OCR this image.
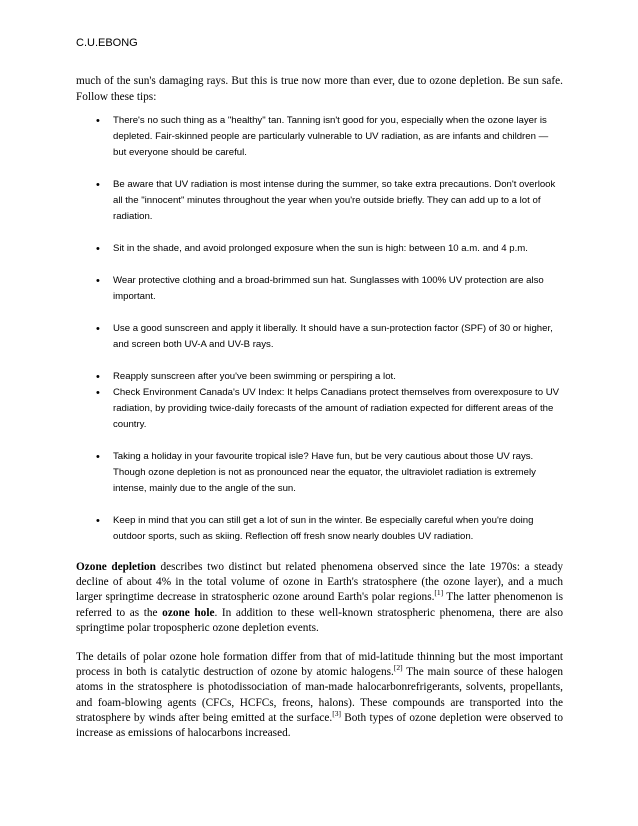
C.U.EBONG

much of the sun's damaging rays. But this is true now more than ever, due to ozone depletion. Be sun safe. Follow these tips:

• There's no such thing as a "healthy" tan. Tanning isn't good for you, especially when the ozone layer is depleted. Fair-skinned people are particularly vulnerable to UV radiation, as are infants and children — but everyone should be careful.
• Be aware that UV radiation is most intense during the summer, so take extra precautions. Don't overlook all the "innocent" minutes throughout the year when you're outside briefly. They can add up to a lot of radiation.
• Sit in the shade, and avoid prolonged exposure when the sun is high: between 10 a.m. and 4 p.m.
• Wear protective clothing and a broad-brimmed sun hat. Sunglasses with 100% UV protection are also important.
• Use a good sunscreen and apply it liberally. It should have a sun-protection factor (SPF) of 30 or higher, and screen both UV-A and UV-B rays.
• Reapply sunscreen after you've been swimming or perspiring a lot.
• Check Environment Canada's UV Index: It helps Canadians protect themselves from overexposure to UV radiation, by providing twice-daily forecasts of the amount of radiation expected for different areas of the country.
• Taking a holiday in your favourite tropical isle? Have fun, but be very cautious about those UV rays. Though ozone depletion is not as pronounced near the equator, the ultraviolet radiation is extremely intense, mainly due to the angle of the sun.
• Keep in mind that you can still get a lot of sun in the winter. Be especially careful when you're doing outdoor sports, such as skiing. Reflection off fresh snow nearly doubles UV radiation.

Ozone depletion describes two distinct but related phenomena observed since the late 1970s: a steady decline of about 4% in the total volume of ozone in Earth's stratosphere (the ozone layer), and a much larger springtime decrease in stratospheric ozone around Earth's polar regions.[1] The latter phenomenon is referred to as the ozone hole. In addition to these well-known stratospheric phenomena, there are also springtime polar tropospheric ozone depletion events.

The details of polar ozone hole formation differ from that of mid-latitude thinning but the most important process in both is catalytic destruction of ozone by atomic halogens.[2] The main source of these halogen atoms in the stratosphere is photodissociation of man-made halocarbonrefrigerants, solvents, propellants, and foam-blowing agents (CFCs, HCFCs, freons, halons). These compounds are transported into the stratosphere by winds after being emitted at the surface.[3] Both types of ozone depletion were observed to increase as emissions of halocarbons increased.
